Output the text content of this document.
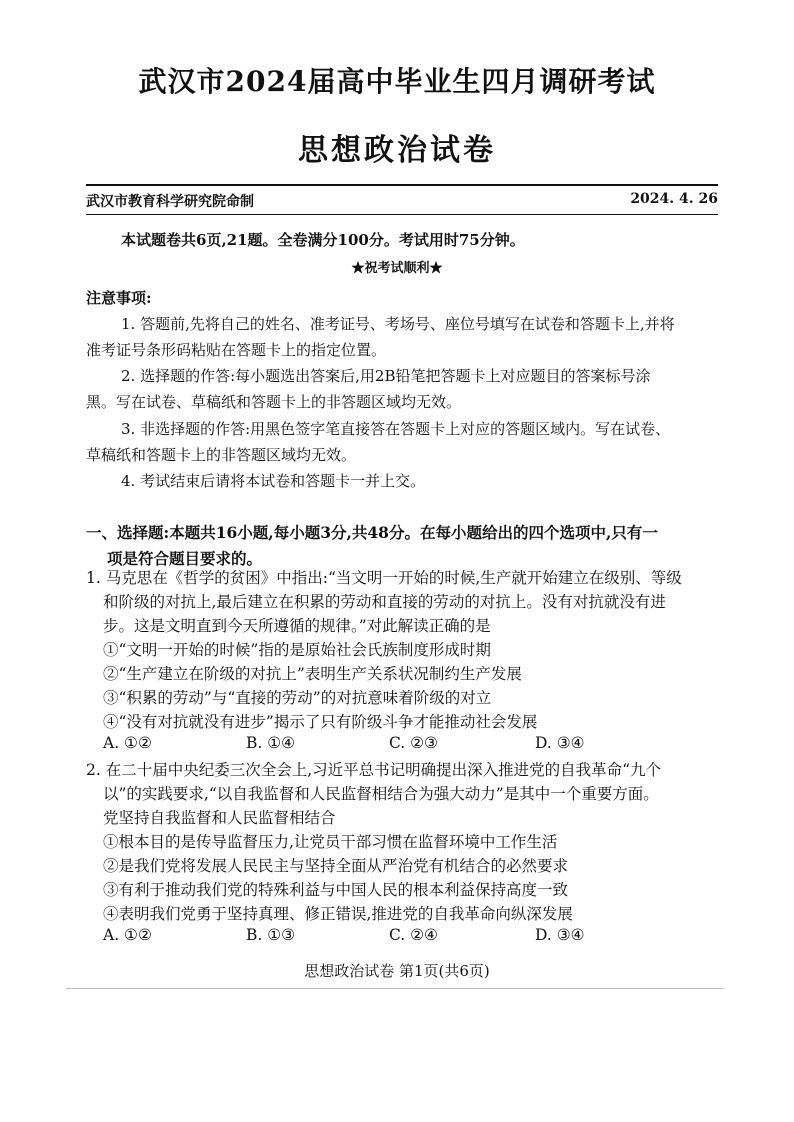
武汉市2024届高中毕业生四月调研考试
思想政治试卷
武汉市教育科学研究院命制	2024. 4. 26
本试题卷共6页,21题。全卷满分100分。考试用时75分钟。
★祝考试顺利★
注意事项:
1. 答题前,先将自己的姓名、准考证号、考场号、座位号填写在试卷和答题卡上,并将
准考证号条形码粘贴在答题卡上的指定位置。
2. 选择题的作答:每小题选出答案后,用2B铅笔把答题卡上对应题目的答案标号涂
黑。写在试卷、草稿纸和答题卡上的非答题区域均无效。
3. 非选择题的作答:用黑色签字笔直接答在答题卡上对应的答题区域内。写在试卷、
草稿纸和答题卡上的非答题区域均无效。
4. 考试结束后请将本试卷和答题卡一并上交。
一、选择题:本题共16小题,每小题3分,共48分。在每小题给出的四个选项中,只有一
项是符合题目要求的。
1. 马克思在《哲学的贫困》中指出:“当文明一开始的时候,生产就开始建立在级别、等级
和阶级的对抗上,最后建立在积累的劳动和直接的劳动的对抗上。没有对抗就没有进
步。这是文明直到今天所遵循的规律。”对此解读正确的是
①“文明一开始的时候”指的是原始社会氏族制度形成时期
②“生产建立在阶级的对抗上”表明生产关系状况制约生产发展
③“积累的劳动”与“直接的劳动”的对抗意味着阶级的对立
④“没有对抗就没有进步”揭示了只有阶级斗争才能推动社会发展
A. ①②	B. ①④	C. ②③	D. ③④
2. 在二十届中央纪委三次全会上,习近平总书记明确提出深入推进党的自我革命“九个
以”的实践要求,“以自我监督和人民监督相结合为强大动力”是其中一个重要方面。
党坚持自我监督和人民监督相结合
①根本目的是传导监督压力,让党员干部习惯在监督环境中工作生活
②是我们党将发展人民民主与坚持全面从严治党有机结合的必然要求
③有利于推动我们党的特殊利益与中国人民的根本利益保持高度一致
④表明我们党勇于坚持真理、修正错误,推进党的自我革命向纵深发展
A. ①②	B. ①③	C. ②④	D. ③④
思想政治试卷 第1页(共6页)
